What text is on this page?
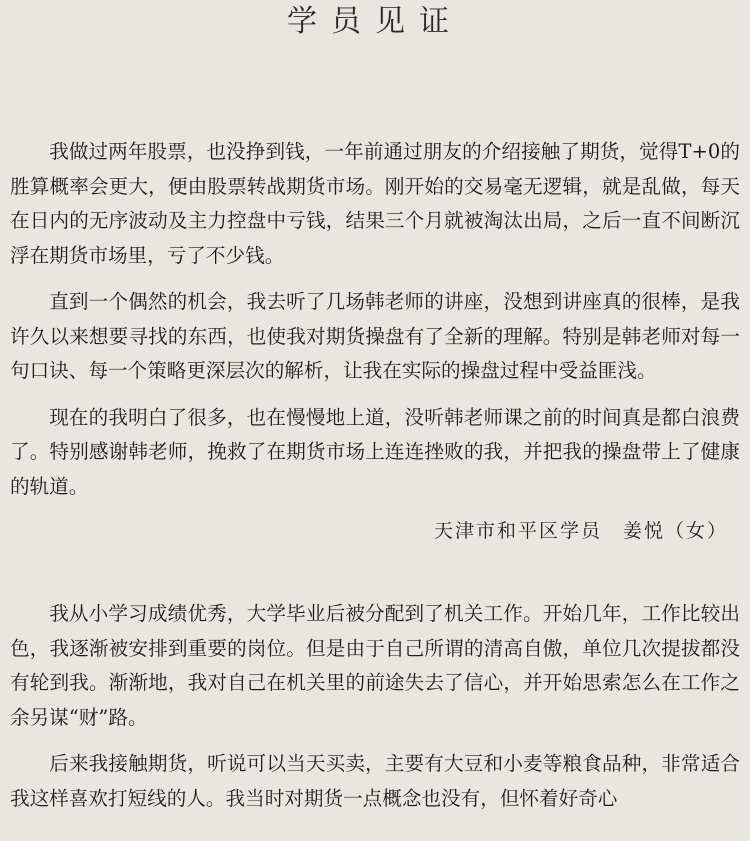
学员见证

我做过两年股票，也没挣到钱，一年前通过朋友的介绍接触了期货，觉得T+0的胜算概率会更大，便由股票转战期货市场。刚开始的交易毫无逻辑，就是乱做，每天在日内的无序波动及主力控盘中亏钱，结果三个月就被淘汰出局，之后一直不间断沉浮在期货市场里，亏了不少钱。

直到一个偶然的机会，我去听了几场韩老师的讲座，没想到讲座真的很棒，是我许久以来想要寻找的东西，也使我对期货操盘有了全新的理解。特别是韩老师对每一句口诀、每一个策略更深层次的解析，让我在实际的操盘过程中受益匪浅。

现在的我明白了很多，也在慢慢地上道，没听韩老师课之前的时间真是都白浪费了。特别感谢韩老师，挽救了在期货市场上连连挫败的我，并把我的操盘带上了健康的轨道。

天津市和平区学员　姜悦（女）

我从小学习成绩优秀，大学毕业后被分配到了机关工作。开始几年，工作比较出色，我逐渐被安排到重要的岗位。但是由于自己所谓的清高自傲，单位几次提拔都没有轮到我。渐渐地，我对自己在机关里的前途失去了信心，并开始思索怎么在工作之余另谋“财”路。

后来我接触期货，听说可以当天买卖，主要有大豆和小麦等粮食品种，非常适合我这样喜欢打短线的人。我当时对期货一点概念也没有，但怀着好奇心
